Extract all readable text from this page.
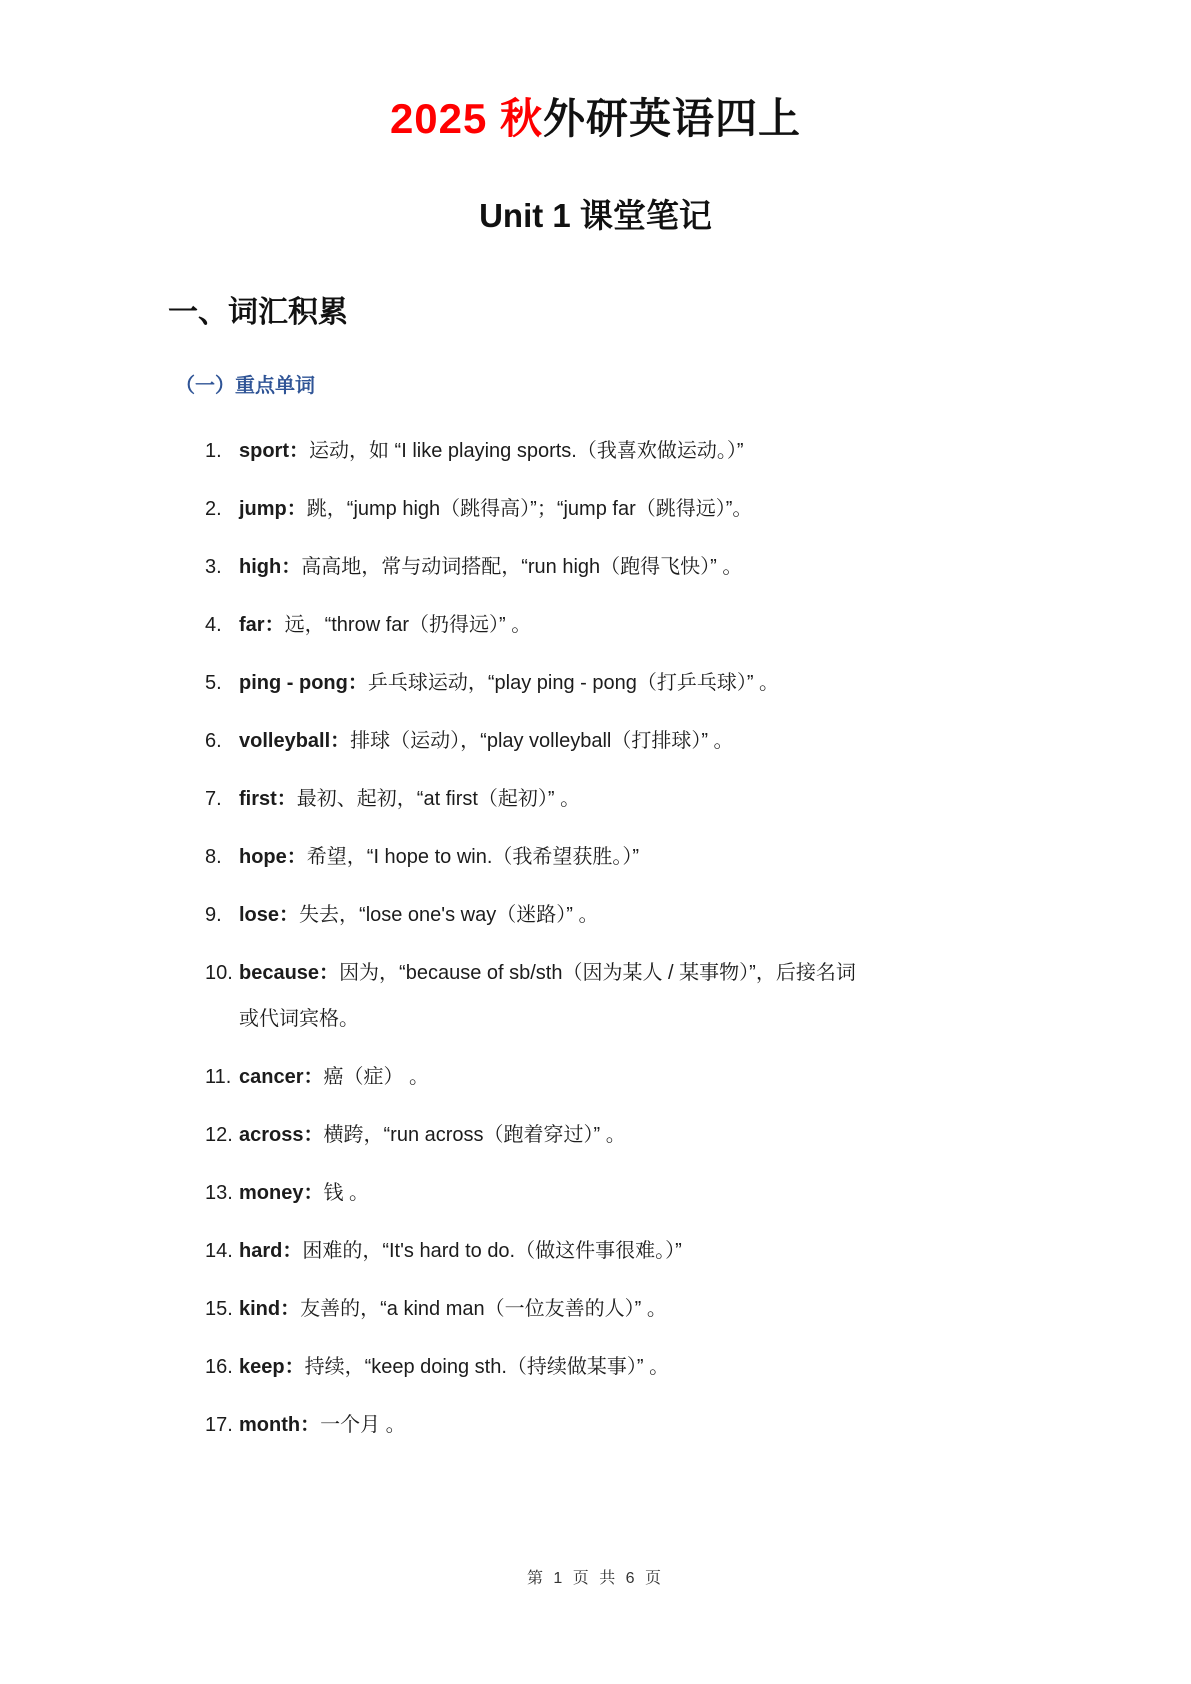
2025 秋外研英语四上
Unit 1 课堂笔记
一、词汇积累
（一）重点单词
1. sport：运动，如 “I like playing sports.（我喜欢做运动。）”
2. jump：跳，“jump high（跳得高）”；“jump far（跳得远）”。
3. high：高高地，常与动词搭配，“run high（跑得飞快）” 。
4. far：远，“throw far（扔得远）” 。
5. ping - pong：乒乓球运动，“play ping - pong（打乒乓球）” 。
6. volleyball：排球（运动），“play volleyball（打排球）” 。
7. first：最初、起初，“at first（起初）” 。
8. hope：希望，“I hope to win.（我希望获胜。）”
9. lose：失去，“lose one's way（迷路）” 。
10. because：因为，“because of sb/sth（因为某人 / 某事物）”，后接名词
或代词宾格。
11. cancer：癌（症） 。
12. across：横跨，“run across（跑着穿过）” 。
13. money：钱 。
14. hard：困难的，“It's hard to do.（做这件事很难。）”
15. kind：友善的，“a kind man（一位友善的人）” 。
16. keep：持续，“keep doing sth.（持续做某事）” 。
17. month：一个月 。
第 1 页 共 6 页
